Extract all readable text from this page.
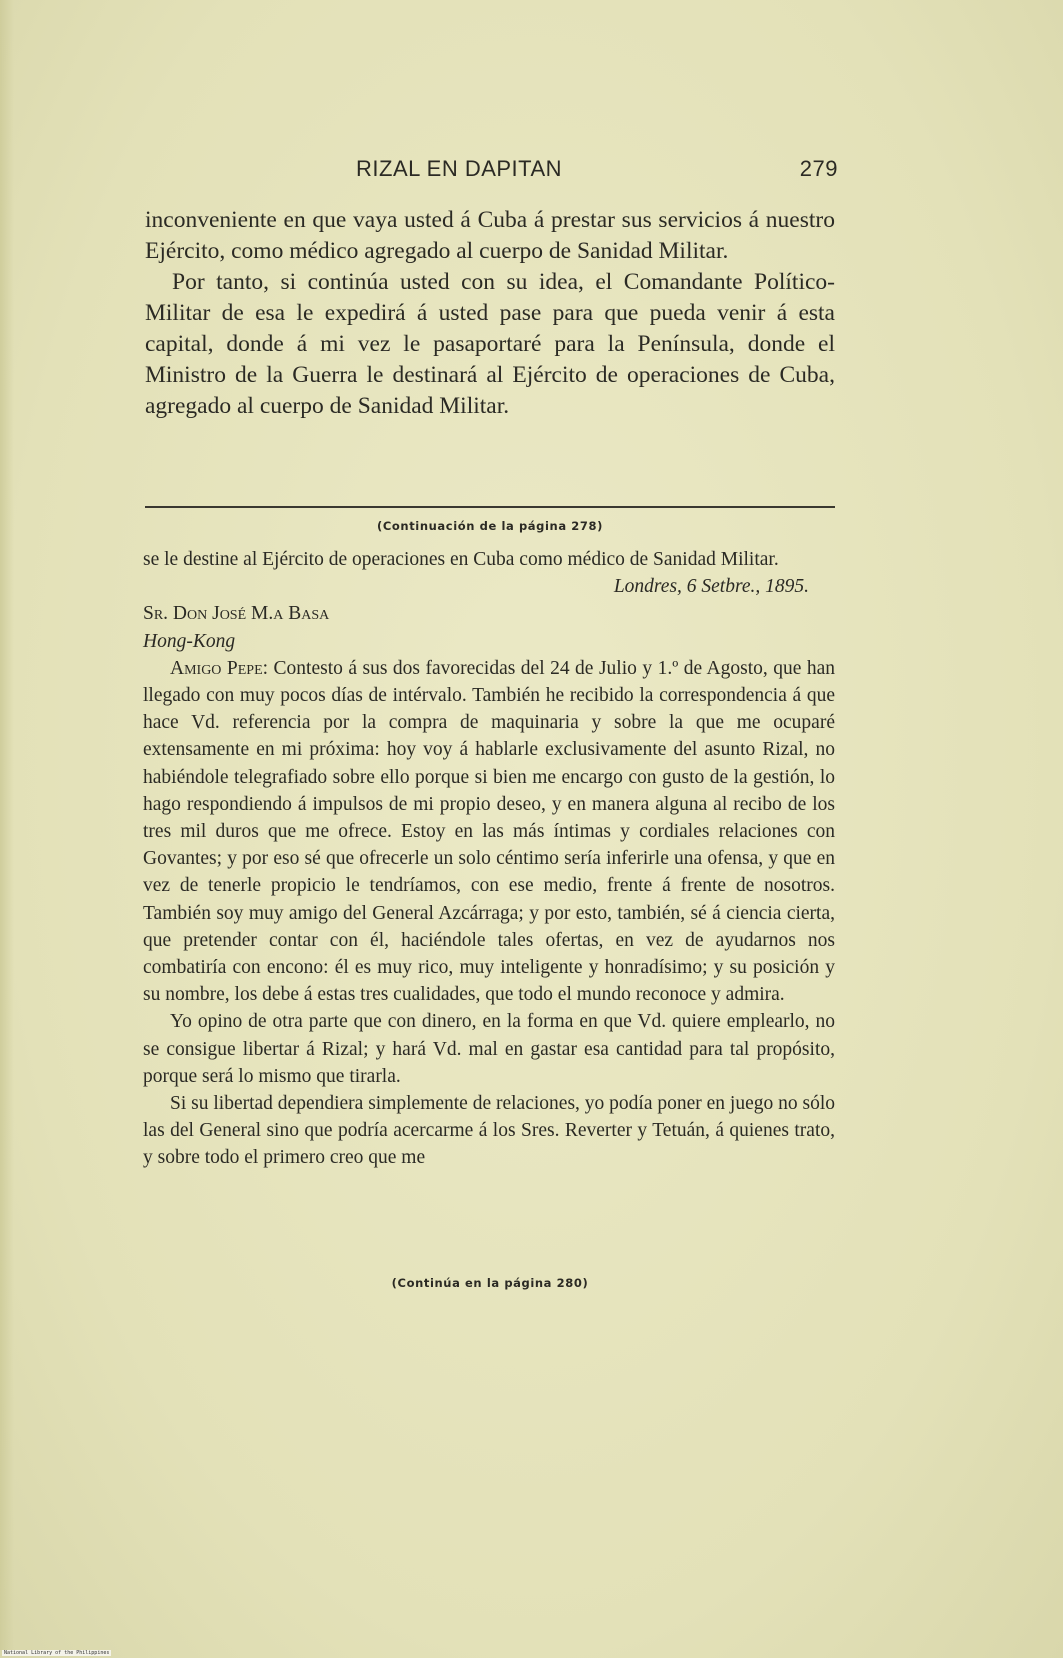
RIZAL EN DAPITAN	279

inconveniente en que vaya usted á Cuba á prestar sus servicios á nuestro Ejército, como médico agregado al cuerpo de Sanidad Militar.

Por tanto, si continúa usted con su idea, el Comandante Político-Militar de esa le expedirá á usted pase para que pueda venir á esta capital, donde á mi vez le pasaportaré para la Península, donde el Ministro de la Guerra le destinará al Ejército de operaciones de Cuba, agregado al cuerpo de Sanidad Militar.

(Continuación de la página 278)

se le destine al Ejército de operaciones en Cuba como médico de Sanidad Militar.

Londres, 6 Setbre., 1895.

Sr. Don José M.a Basa

Hong-Kong

Amigo Pepe: Contesto á sus dos favorecidas del 24 de Julio y 1.º de Agosto, que han llegado con muy pocos días de intérvalo. También he recibido la correspondencia á que hace Vd. referencia por la compra de maquinaria y sobre la que me ocuparé extensamente en mi próxima: hoy voy á hablarle exclusivamente del asunto Rizal, no habiéndole telegrafiado sobre ello porque si bien me encargo con gusto de la gestión, lo hago respondiendo á impulsos de mi propio deseo, y en manera alguna al recibo de los tres mil duros que me ofrece. Estoy en las más íntimas y cordiales relaciones con Govantes; y por eso sé que ofrecerle un solo céntimo sería inferirle una ofensa, y que en vez de tenerle propicio le tendríamos, con ese medio, frente á frente de nosotros. También soy muy amigo del General Azcárraga; y por esto, también, sé á ciencia cierta, que pretender contar con él, haciéndole tales ofertas, en vez de ayudarnos nos combatiría con encono: él es muy rico, muy inteligente y honradísimo; y su posición y su nombre, los debe á estas tres cualidades, que todo el mundo reconoce y admira.

Yo opino de otra parte que con dinero, en la forma en que Vd. quiere emplearlo, no se consigue libertar á Rizal; y hará Vd. mal en gastar esa cantidad para tal propósito, porque será lo mismo que tirarla.

Si su libertad dependiera simplemente de relaciones, yo podía poner en juego no sólo las del General sino que podría acercarme á los Sres. Reverter y Tetuán, á quienes trato, y sobre todo el primero creo que me

(Continúa en la página 280)
National Library of the Philippines
